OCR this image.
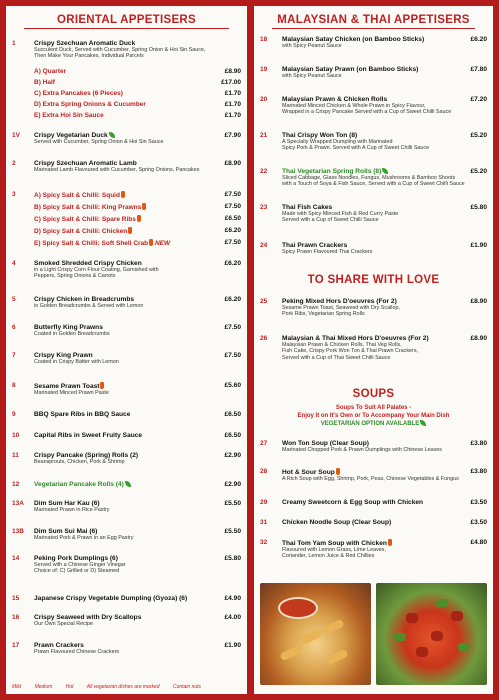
ORIENTAL APPETISERS
1	Crispy Szechuan Aromatic Duck
Succulent Duck, Served with Cucumber, Spring Onion & Hoi Sin Sauce,
Then Make Your Pancakes, Individual Parcels
A) Quarter	£8.90
B) Half	£17.00
C) Extra Pancakes (6 Pieces)	£1.70
D) Extra Spring Onions & Cucumber	£1.70
E) Extra Hoi Sin Sauce	£1.70
1V Crispy Vegetarian Duck
Served with Cucumber, Spring Onion & Hoi Sin Sauce
£7.90
2	Crispy Szechuan Aromatic Lamb
Marinated Lamb Flavoured with Cucumber, Spring Onions, Pancakes
£8.90
3	A) Spicy Salt & Chilli: Squid	£7.50
B) Spicy Salt & Chilli: King Prawns	£7.50
C) Spicy Salt & Chilli: Spare Ribs	£6.50
D) Spicy Salt & Chilli: Chicken	£6.20
E) Spicy Salt & Chilli: Soft Shell Crab NEW	£7.50
4	Smoked Shredded Crispy Chicken
in a Light Crispy Corn Flour Coating, Garnished with
Peppers, Spring Onions & Carrots
£6.20
5	Crispy Chicken in Breadcrumbs
in Golden Breadcrumbs & Served with Lemon
£6.20
6	Butterfly King Prawns
Coated in Golden Breadcrumbs
£7.50
7	Crispy King Prawn
Coated in Crispy Batter with Lemon
£7.50
8	Sesame Prawn Toast
Marinated Minced Prawn Paste
£5.60
9	BBQ Spare Ribs in BBQ Sauce	£6.50
10 Capital Ribs in Sweet Fruity Sauce	£6.50
11 Crispy Pancake (Spring) Rolls (2)
Beansprouts, Chicken, Pork & Shrimp
£2.90
12 Vegetarian Pancake Rolls (4)	£2.90
13A Dim Sum Har Kau (6)
Marinated Prawn in Rice Pastry
£5.50
13B Dim Sum Sui Mai (6)
Marinated Pork & Prawn in an Egg Pastry
£5.50
14 Peking Pork Dumplings (6)
Served with a Chinese Ginger Vinegar
Choice of: C) Grilled or D) Steamed
£5.80
15 Japanese Crispy Vegetable Dumpling (Gyoza) (6)	£4.90
16 Crispy Seaweed with Dry Scallops
Our Own Special Recipe
£4.00
17 Prawn Crackers
Prawn Flavoured Chinese Crackers
£1.90
Mild	Medium	Hot	All vegetarian dishes are marked	Contain nuts
MALAYSIAN & THAI APPETISERS
18 Malaysian Satay Chicken (on Bamboo Sticks)
with Spicy Peanut Sauce
£6.20
19 Malaysian Satay Prawn (on Bamboo Sticks)
with Spicy Peanut Sauce
£7.80
20 Malaysian Prawn & Chicken Rolls
Marinated Minced Chicken & Whole Prawn in Spicy Flavour,
Wrapped in a Crispy Pancake Served with a Cup of Sweet Chilli Sauce
£7.20
21 Thai Crispy Won Ton (8)
A Specially Wrapped Dumpling with Marinated
Spicy Pork & Prawn. Served with A Cup of Sweet Chilli Sauce
£5.20
22 Thai Vegetarian Spring Rolls (8)
Sliced Cabbage, Glass Noodles, Fungus, Mushrooms & Bamboo Shoots
with a Touch of Soya & Fish Sauce, Served with a Cup of Sweet Chilli Sauce
£5.20
23 Thai Fish Cakes
Made with Spicy Minced Fish & Red Curry Paste
Served with a Cup of Sweet Chilli Sauce
£5.80
24 Thai Prawn Crackers
Spicy Prawn Flavoured Thai Crackers
£1.90
TO SHARE WITH LOVE
25 Peking Mixed Hors D'oeuvres (For 2)
Sesame Prawn Toast, Seaweed with Dry Scallop,
Pork Ribs, Vegetarian Spring Rolls
£8.90
26 Malaysian & Thai Mixed Hors D'oeuvres (For 2)
Malaysian Prawn & Chicken Rolls, Thai Veg Rolls,
Fish Cake, Crispy Pork Won Ton & Thai Prawn Crackers,
Served with a Cup of Thai Sweet Chilli Sauce
£8.90
SOUPS
Soups To Suit All Palates -
Enjoy It on It's Own or To Accompany Your Main Dish
VEGETARIAN OPTION AVAILABLE
27 Won Ton Soup (Clear Soup)
Marinated Chopped Pork & Prawn Dumplings with Chinese Leaves
£3.80
28 Hot & Sour Soup
A Rich Soup with Egg, Shrimp, Pork, Peas, Chinese Vegetables & Fungus
£3.80
29 Creamy Sweetcorn & Egg Soup with Chicken	£3.50
31 Chicken Noodle Soup (Clear Soup)	£3.50
32 Thai Tom Yam Soup with Chicken
Flavoured with Lemon Grass, Lime Leaves,
Coriander, Lemon Juice & Red Chillies
£4.80
